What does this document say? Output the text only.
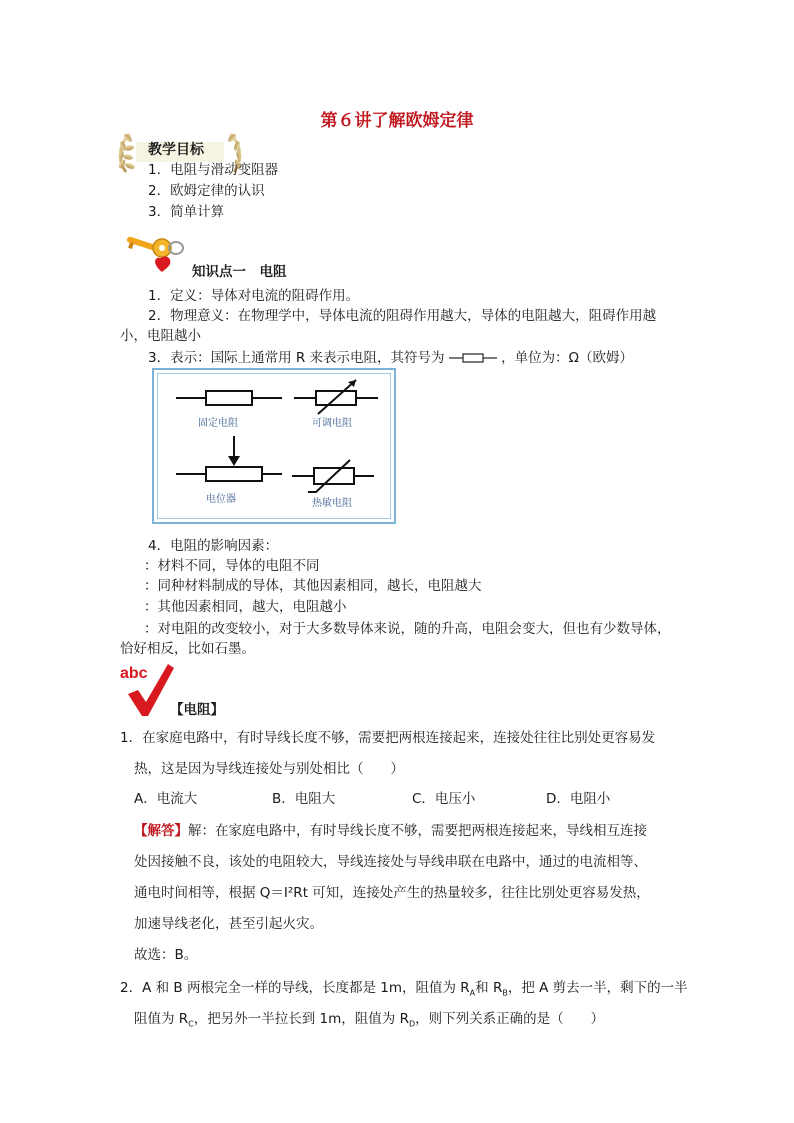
第６讲了解欧姆定律
教学目标
1．电阻与滑动变阻器
2．欧姆定律的认识
3．简单计算
知识点一　电阻
1．定义：导体对电流的阻碍作用。
2．物理意义：在物理学中，导体电流的阻碍作用越大，导体的电阻越大，阻碍作用越
小，电阻越小
3．表示：国际上通常用 R 来表示电阻，其符号为	，单位为：Ω（欧姆）
固定电阻	可调电阻
电位器	热敏电阻
4．电阻的影响因素：
：材料不同，导体的电阻不同
：同种材料制成的导体，其他因素相同，越长，电阻越大
：其他因素相同，越大，电阻越小
：对电阻的改变较小，对于大多数导体来说，随的升高，电阻会变大，但也有少数导体，
恰好相反，比如石墨。
abc
【电阻】
1．在家庭电路中，有时导线长度不够，需要把两根连接起来，连接处往往比别处更容易发
热，这是因为导线连接处与别处相比（　　）
A．电流大	B．电阻大	C．电压小	D．电阻小
【解答】解：在家庭电路中，有时导线长度不够，需要把两根连接起来，导线相互连接
处因接触不良，该处的电阻较大，导线连接处与导线串联在电路中，通过的电流相等、
通电时间相等，根据 Q＝I²Rt 可知，连接处产生的热量较多，往往比别处更容易发热，
加速导线老化，甚至引起火灾。
故选：B。
2．A 和 B 两根完全一样的导线，长度都是 1m，阻值为 $R_A$和 $R_B$，把 A 剪去一半，剩下的一半
阻值为 $R_C$，把另外一半拉长到 1m，阻值为 $R_D$，则下列关系正确的是（　　）
